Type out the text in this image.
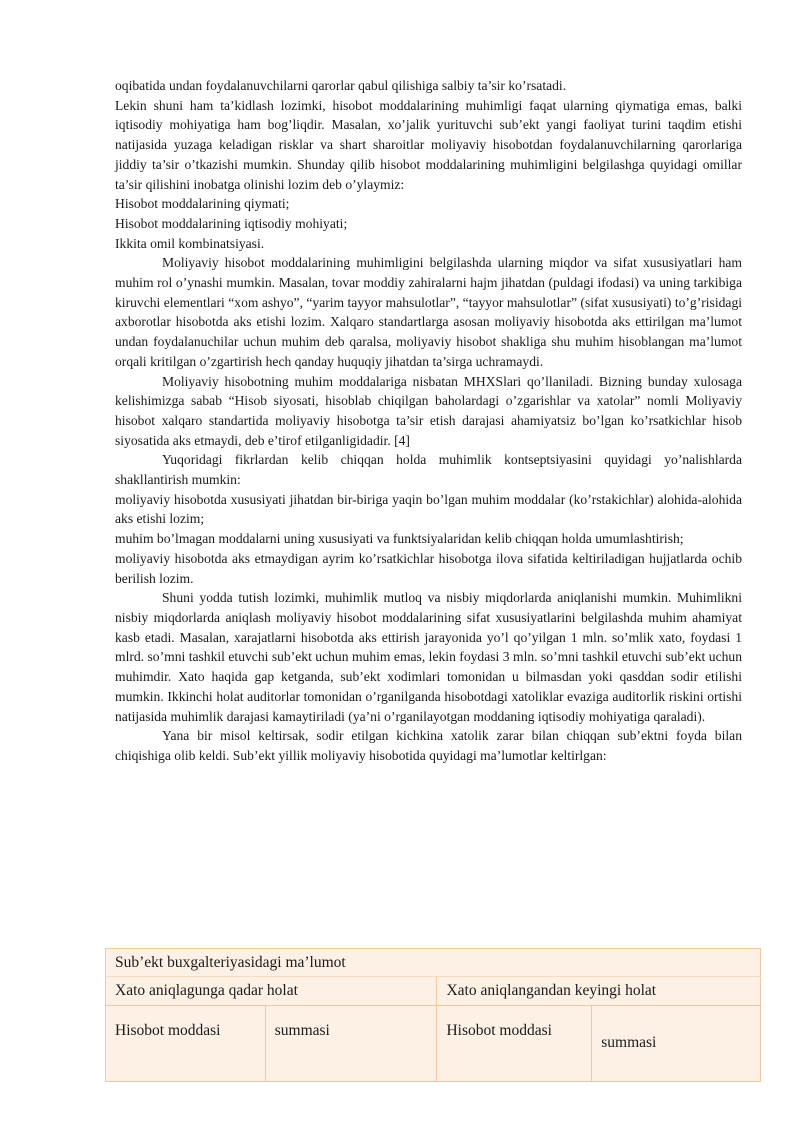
oqibatida undan foydalanuvchilarni qarorlar qabul qilishiga salbiy ta’sir ko’rsatadi.

Lekin shuni ham ta’kidlash lozimki, hisobot moddalarining muhimligi faqat ularning qiymatiga emas, balki iqtisodiy mohiyatiga ham bog’liqdir. Masalan, xo’jalik yurituvchi sub’ekt yangi faoliyat turini taqdim etishi natijasida yuzaga keladigan risklar va shart sharoitlar moliyaviy hisobotdan foydalanuvchilarning qarorlariga jiddiy ta’sir o’tkazishi mumkin. Shunday qilib hisobot moddalarining muhimligini belgilashga quyidagi omillar ta’sir qilishini inobatga olinishi lozim deb o’ylaymiz:

Hisobot moddalarining qiymati;

Hisobot moddalarining iqtisodiy mohiyati;

Ikkita omil kombinatsiyasi.

Moliyaviy hisobot moddalarining muhimligini belgilashda ularning miqdor va sifat xususiyatlari ham muhim rol o’ynashi mumkin. Masalan, tovar moddiy zahiralarni hajm jihatdan (puldagi ifodasi) va uning tarkibiga kiruvchi elementlari “xom ashyo”, “yarim tayyor mahsulotlar”, “tayyor mahsulotlar” (sifat xususiyati) to’g’risidagi axborotlar hisobotda aks etishi lozim. Xalqaro standartlarga asosan moliyaviy hisobotda aks ettirilgan ma’lumot undan foydalanuchilar uchun muhim deb qaralsa, moliyaviy hisobot shakliga shu muhim hisoblangan ma’lumot orqali kritilgan o’zgartirish hech qanday huquqiy jihatdan ta’sirga uchramaydi.

Moliyaviy hisobotning muhim moddalariga nisbatan MHXSlari qo’llaniladi. Bizning bunday xulosaga kelishimizga sabab “Hisob siyosati, hisoblab chiqilgan baholardagi o’zgarishlar va xatolar” nomli Moliyaviy hisobot xalqaro standartida moliyaviy hisobotga ta’sir etish darajasi ahamiyatsiz bo’lgan ko’rsatkichlar hisob siyosatida aks etmaydi, deb e’tirof etilganligidadir. [4]

Yuqoridagi fikrlardan kelib chiqqan holda muhimlik kontseptsiyasini quyidagi yo’nalishlarda shakllantirish mumkin:

moliyaviy hisobotda xususiyati jihatdan bir-biriga yaqin bo’lgan muhim moddalar (ko’rstakichlar) alohida-alohida aks etishi lozim;

muhim bo’lmagan moddalarni uning xususiyati va funktsiyalaridan kelib chiqqan holda umumlashtirish;

moliyaviy hisobotda aks etmaydigan ayrim ko’rsatkichlar hisobotga ilova sifatida keltiriladigan hujjatlarda ochib berilish lozim.

Shuni yodda tutish lozimki, muhimlik mutloq va nisbiy miqdorlarda aniqlanishi mumkin. Muhimlikni nisbiy miqdorlarda aniqlash moliyaviy hisobot moddalarining sifat xususiyatlarini belgilashda muhim ahamiyat kasb etadi. Masalan, xarajatlarni hisobotda aks ettirish jarayonida yo’l qo’yilgan 1 mln. so’mlik xato, foydasi 1 mlrd. so’mni tashkil etuvchi sub’ekt uchun muhim emas, lekin foydasi 3 mln. so’mni tashkil etuvchi sub’ekt uchun muhimdir. Xato haqida gap ketganda, sub’ekt xodimlari tomonidan u bilmasdan yoki qasddan sodir etilishi mumkin. Ikkinchi holat auditorlar tomonidan o’rganilganda hisobotdagi xatoliklar evaziga auditorlik riskini ortishi natijasida muhimlik darajasi kamaytiriladi (ya’ni o’rganilayotgan moddaning iqtisodiy mohiyatiga qaraladi).

Yana bir misol keltirsak, sodir etilgan kichkina xatolik zarar bilan chiqqan sub’ektni foyda bilan chiqishiga olib keldi. Sub’ekt yillik moliyaviy hisobotida quyidagi ma’lumotlar keltirlgan:

Sub’ekt buxgalteriyasidagi ma’lumot			
Xato aniqlagunga qadar holat		Xato aniqlangandan keyingi holat	
Hisobot moddasi	summasi	Hisobot moddasi	summasi
